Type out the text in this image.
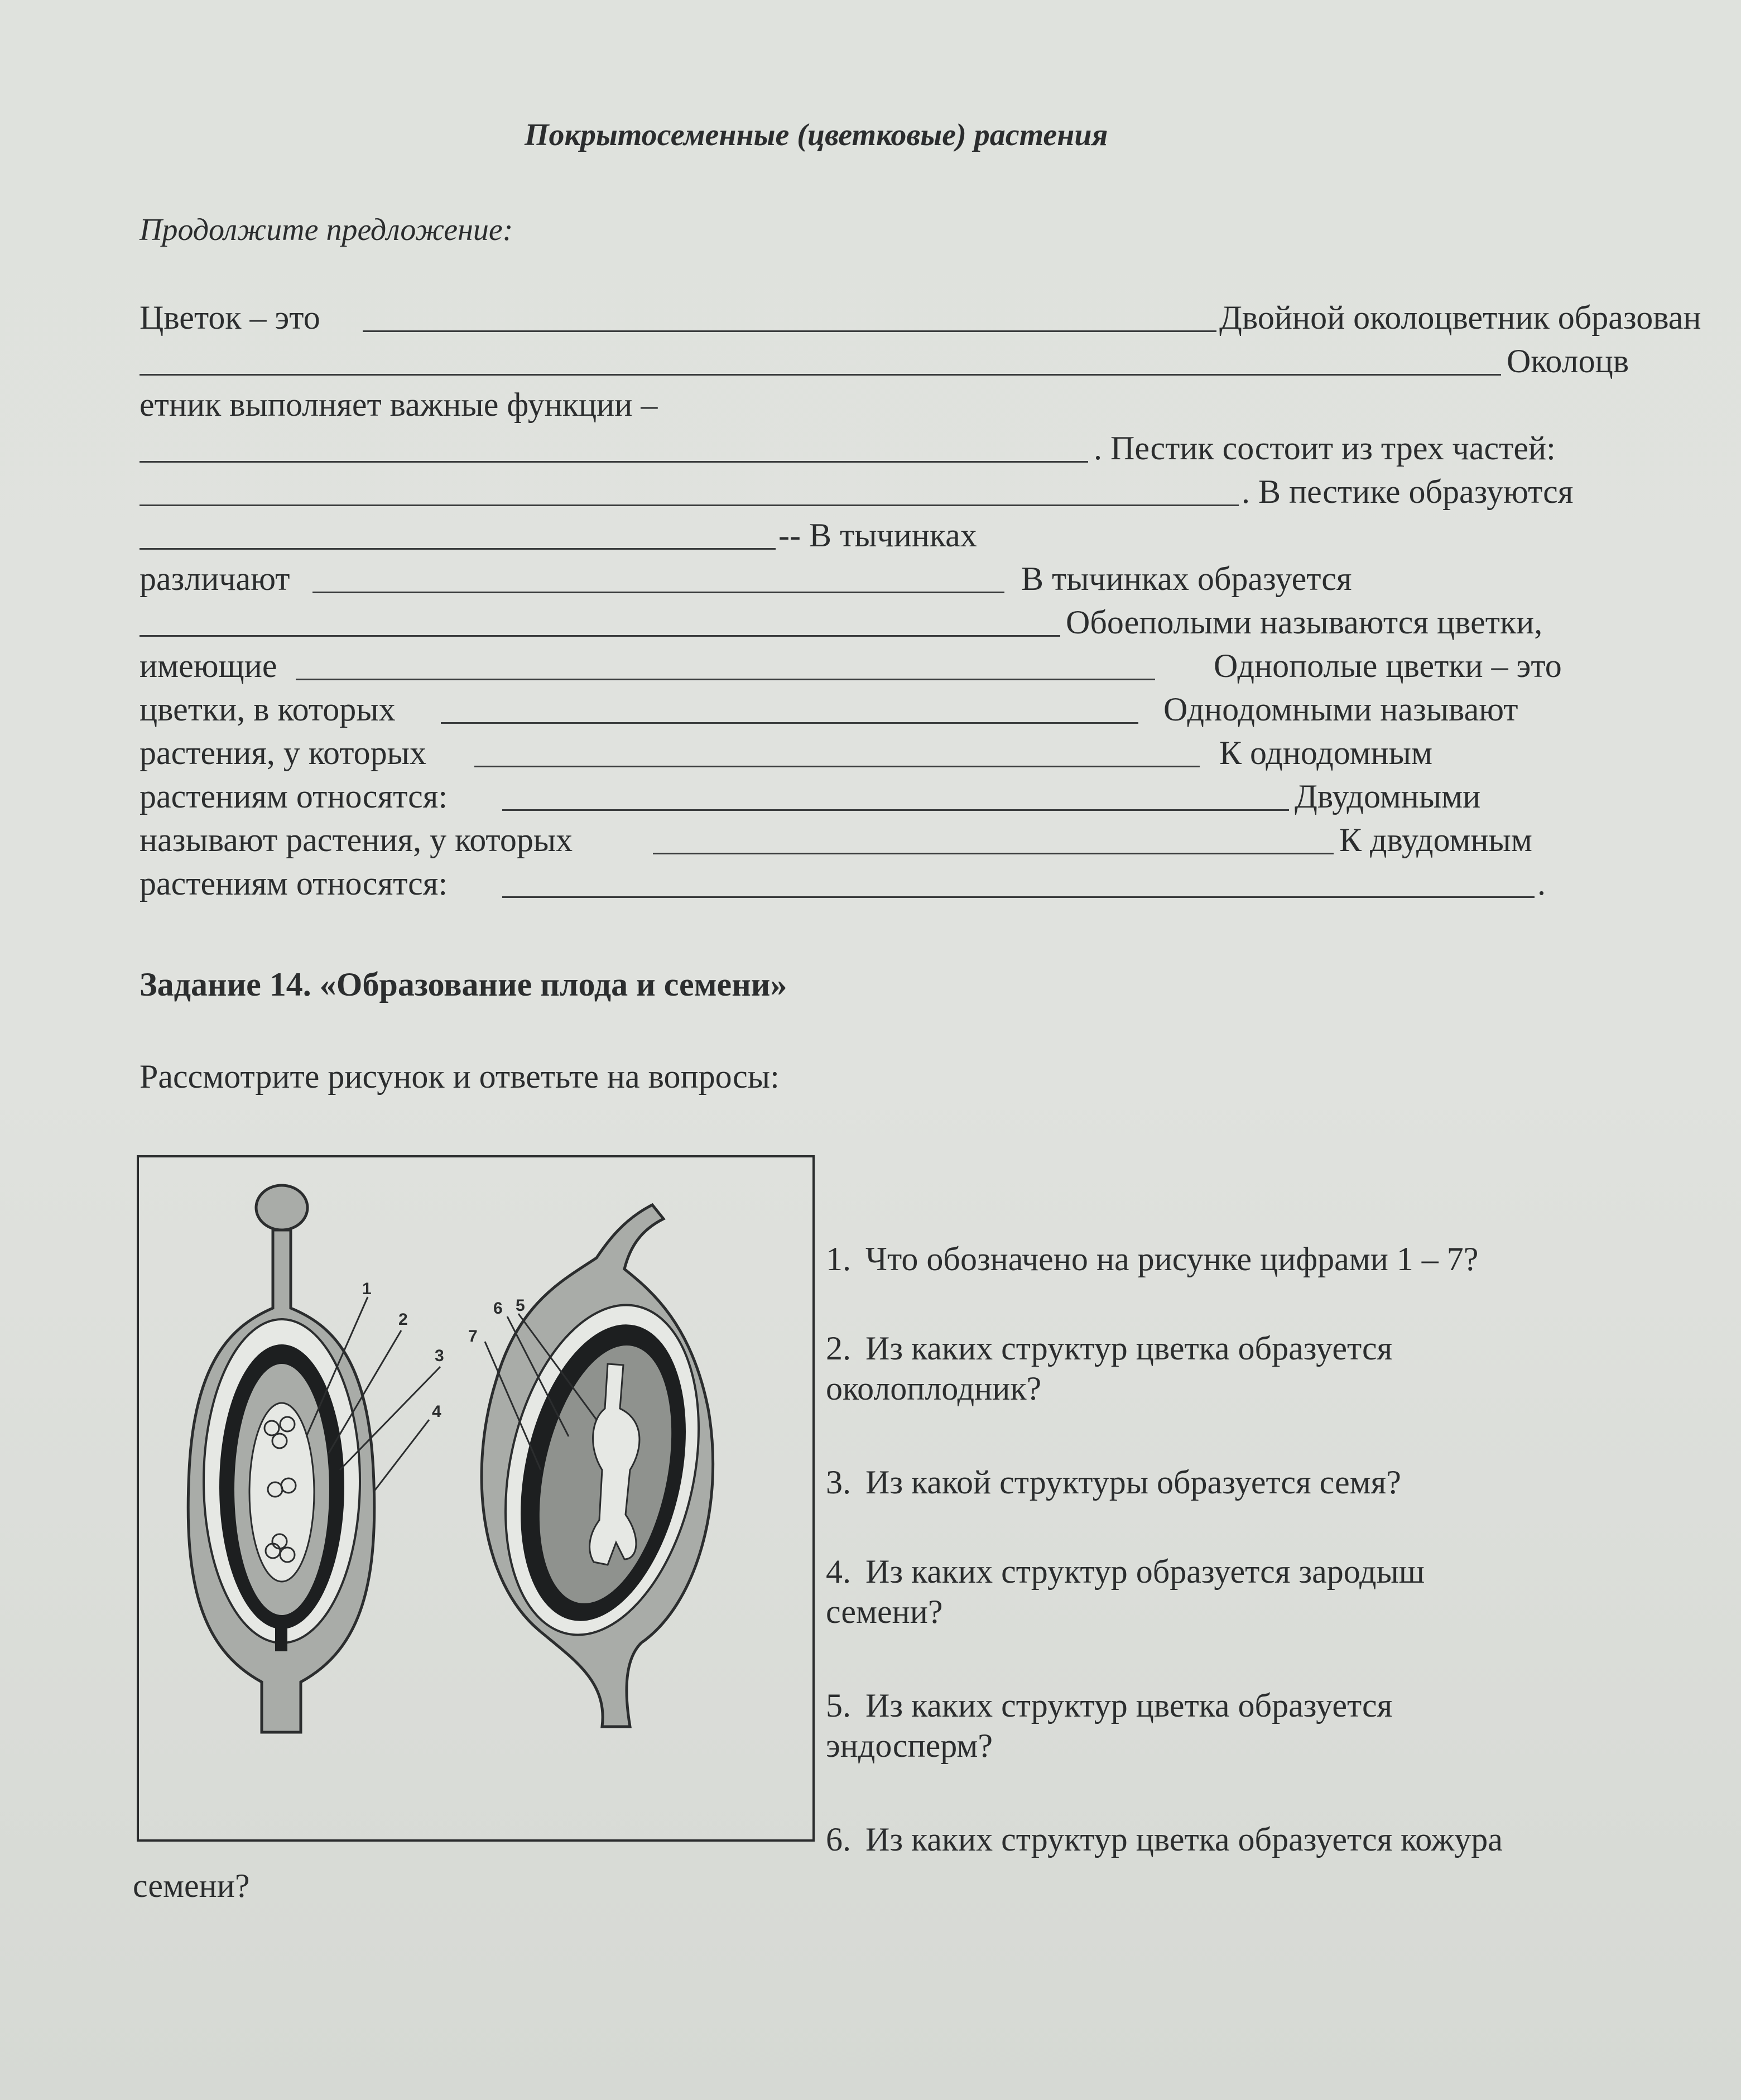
Покрытосеменные (цветковые) растения
Продолжите предложение:
Цветок – это	Двойной околоцветник образован
Околоцв
етник выполняет важные функции –
. Пестик состоит из трех частей:
. В пестике образуются
-- В тычинках
различают	В тычинках образуется
Обоеполыми называются цветки,
имеющие	Однополые цветки – это
цветки, в которых	Однодомными называют
растения, у которых	К однодомным
растениям относятся:	Двудомными
называют растения, у которых	К двудомным
растениям относятся:	.
Задание 14. «Образование плода и семени»
Рассмотрите рисунок и ответьте на вопросы:
1
2
3
4
5
6
7
1. Что обозначено на рисунке цифрами 1 – 7?
2. Из каких структур цветка образуется
околоплодник?
3. Из какой структуры образуется семя?
4. Из каких структур образуется зародыш
семени?
5. Из каких структур цветка образуется
эндосперм?
6. Из каких структур цветка образуется кожура
семени?
